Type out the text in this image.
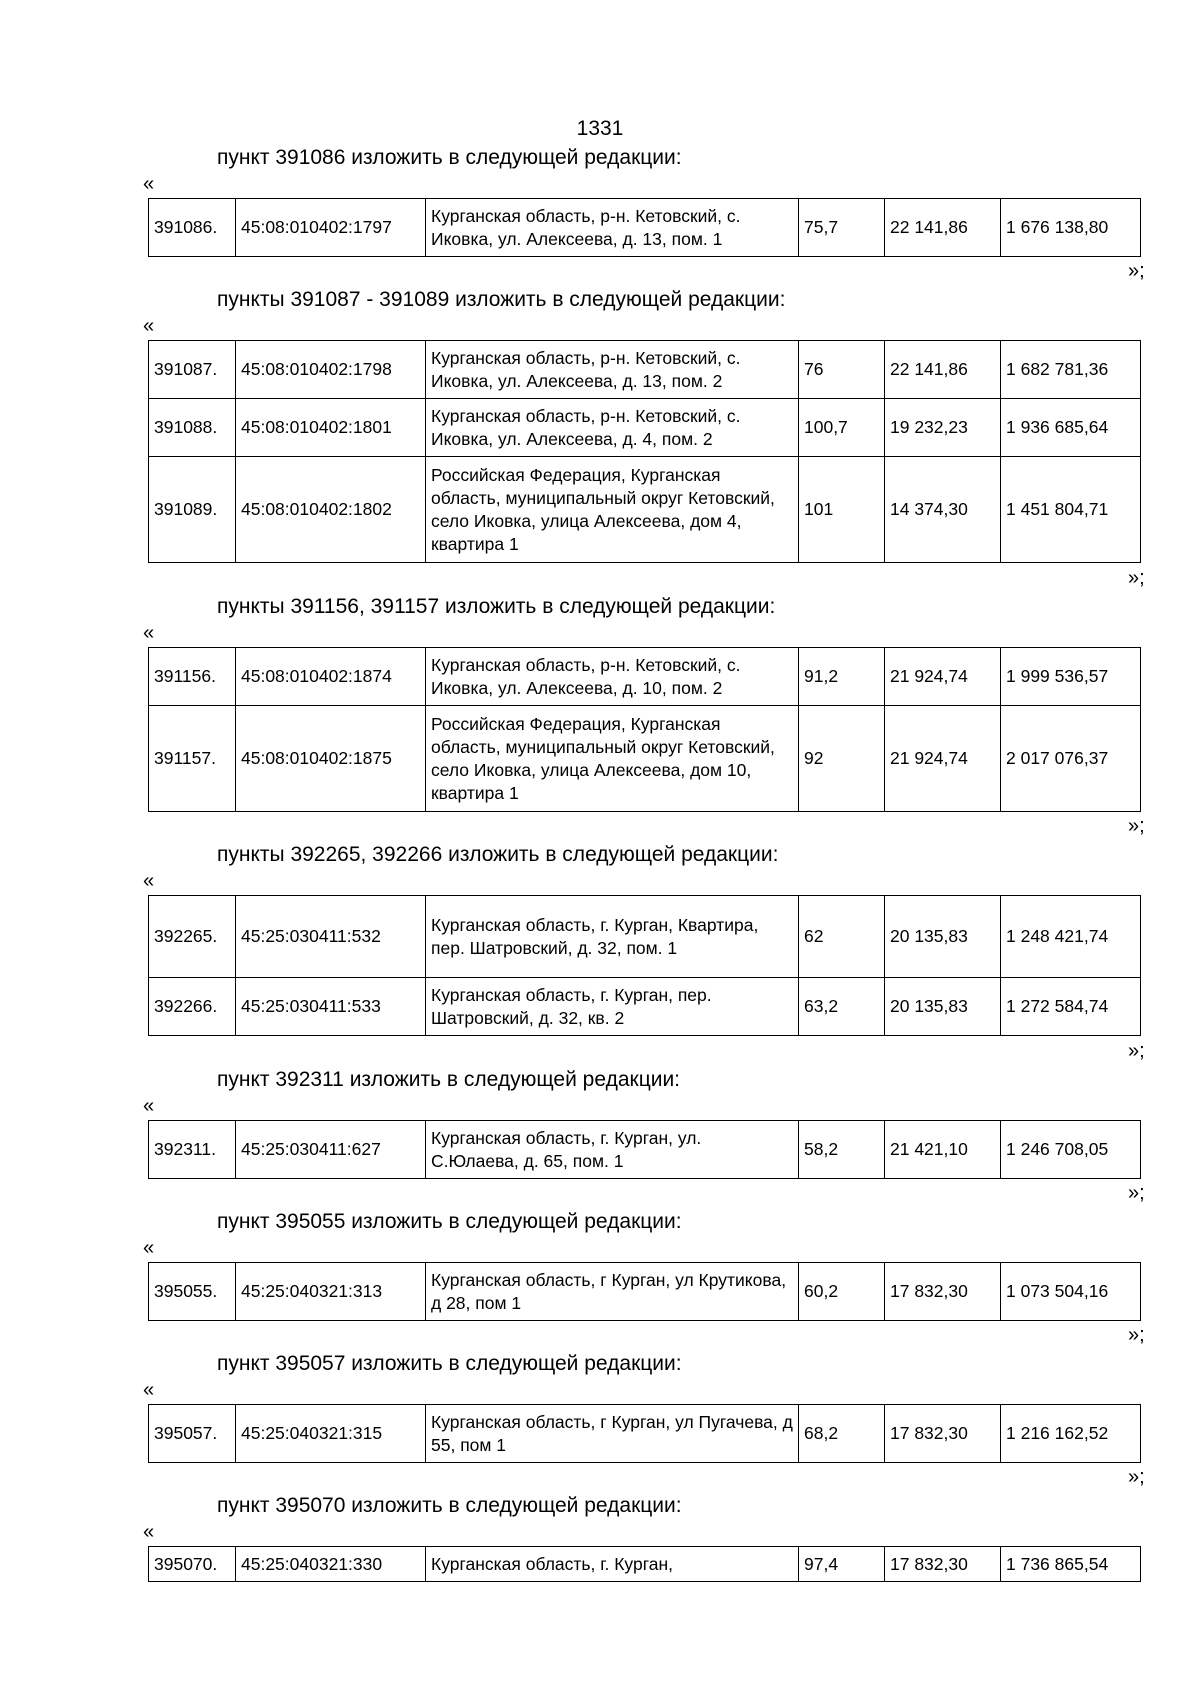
1331
пункт 391086 изложить в следующей редакции:
«
391086.	45:08:010402:1797	Курганская область, р-н. Кетовский, с. Иковка, ул. Алексеева, д. 13, пом. 1	75,7	22 141,86	1 676 138,80
»;
пункты 391087 - 391089 изложить в следующей редакции:
«
391087.	45:08:010402:1798	Курганская область, р-н. Кетовский, с. Иковка, ул. Алексеева, д. 13, пом. 2	76	22 141,86	1 682 781,36
391088.	45:08:010402:1801	Курганская область, р-н. Кетовский, с. Иковка, ул. Алексеева, д. 4, пом. 2	100,7	19 232,23	1 936 685,64
391089.	45:08:010402:1802	Российская Федерация, Курганская область, муниципальный округ Кетовский, село Иковка, улица Алексеева, дом 4, квартира 1	101	14 374,30	1 451 804,71
»;
пункты 391156, 391157 изложить в следующей редакции:
«
391156.	45:08:010402:1874	Курганская область, р-н. Кетовский, с. Иковка, ул. Алексеева, д. 10, пом. 2	91,2	21 924,74	1 999 536,57
391157.	45:08:010402:1875	Российская Федерация, Курганская область, муниципальный округ Кетовский, село Иковка, улица Алексеева, дом 10, квартира 1	92	21 924,74	2 017 076,37
»;
пункты 392265, 392266 изложить в следующей редакции:
«
392265.	45:25:030411:532	Курганская область, г. Курган, Квартира, пер. Шатровский, д. 32, пом. 1	62	20 135,83	1 248 421,74
392266.	45:25:030411:533	Курганская область, г. Курган, пер. Шатровский, д. 32, кв. 2	63,2	20 135,83	1 272 584,74
»;
пункт 392311 изложить в следующей редакции:
«
392311.	45:25:030411:627	Курганская область, г. Курган, ул. С.Юлаева, д. 65, пом. 1	58,2	21 421,10	1 246 708,05
»;
пункт 395055 изложить в следующей редакции:
«
395055.	45:25:040321:313	Курганская область, г Курган, ул Крутикова, д 28, пом 1	60,2	17 832,30	1 073 504,16
»;
пункт 395057 изложить в следующей редакции:
«
395057.	45:25:040321:315	Курганская область, г Курган, ул Пугачева, д 55, пом 1	68,2	17 832,30	1 216 162,52
»;
пункт 395070 изложить в следующей редакции:
«
395070.	45:25:040321:330	Курганская область, г. Курган,	97,4	17 832,30	1 736 865,54
